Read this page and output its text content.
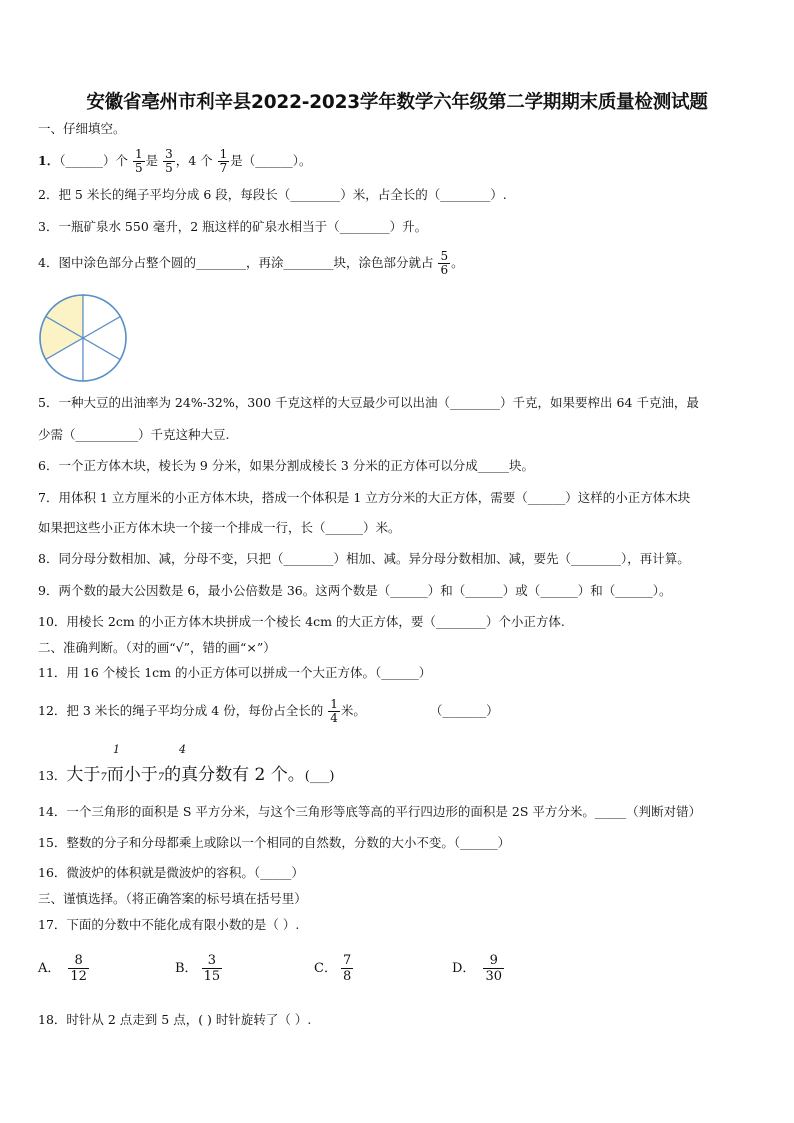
安徽省亳州市利辛县2022-2023学年数学六年级第二学期期末质量检测试题
一、仔细填空。
1．（______）个 $\frac{1}{5}$ 是 $\frac{3}{5}$ ，4 个 $\frac{1}{7}$ 是（______）。
2．把 5 米长的绳子平均分成 6 段，每段长（________）米，占全长的（________）.
3．一瓶矿泉水 550 毫升，2 瓶这样的矿泉水相当于（________）升。
4．图中涂色部分占整个圆的________，再涂________块，涂色部分就占 $\frac{5}{6}$ 。
5．一种大豆的出油率为 24%-32%，300 千克这样的大豆最少可以出油（________）千克，如果要榨出 64 千克油，最
少需（__________）千克这种大豆.
6．一个正方体木块，棱长为 9 分米，如果分割成棱长 3 分米的正方体可以分成_____块。
7．用体积 1 立方厘米的小正方体木块，搭成一个体积是 1 立方分米的大正方体，需要（______）这样的小正方体木块
如果把这些小正方体木块一个接一个排成一行，长（______）米。
8．同分母分数相加、减，分母不变，只把（________）相加、减。异分母分数相加、减，要先（________），再计算。
9．两个数的最大公因数是 6，最小公倍数是 36。这两个数是（______）和（______）或（______）和（______）。
10．用棱长 2cm 的小正方体木块拼成一个棱长 4cm 的大正方体，要（________）个小正方体.
二、准确判断。（对的画“√”，错的画“×”）
11．用 16 个棱长 1cm 的小正方体可以拼成一个大正方体。（______）
12．把 3 米长的绳子平均分成 4 份，每份占全长的 $\frac{1}{4}$ 米。	（_______）
1	4
13．大于7而小于7的真分数有 2 个。(___)
14．一个三角形的面积是 S 平方分米，与这个三角形等底等高的平行四边形的面积是 2S 平方分米。_____（判断对错）
15．整数的分子和分母都乘上或除以一个相同的自然数，分数的大小不变。（______）
16．微波炉的体积就是微波炉的容积。（_____）
三、谨慎选择。（将正确答案的标号填在括号里）
17．下面的分数中不能化成有限小数的是（ ）.
A． $\frac{8}{12}$	B． $\frac{3}{15}$	C． $\frac{7}{8}$	D． $\frac{9}{30}$
18．时针从 2 点走到 5 点，( ) 时针旋转了（ ）.
